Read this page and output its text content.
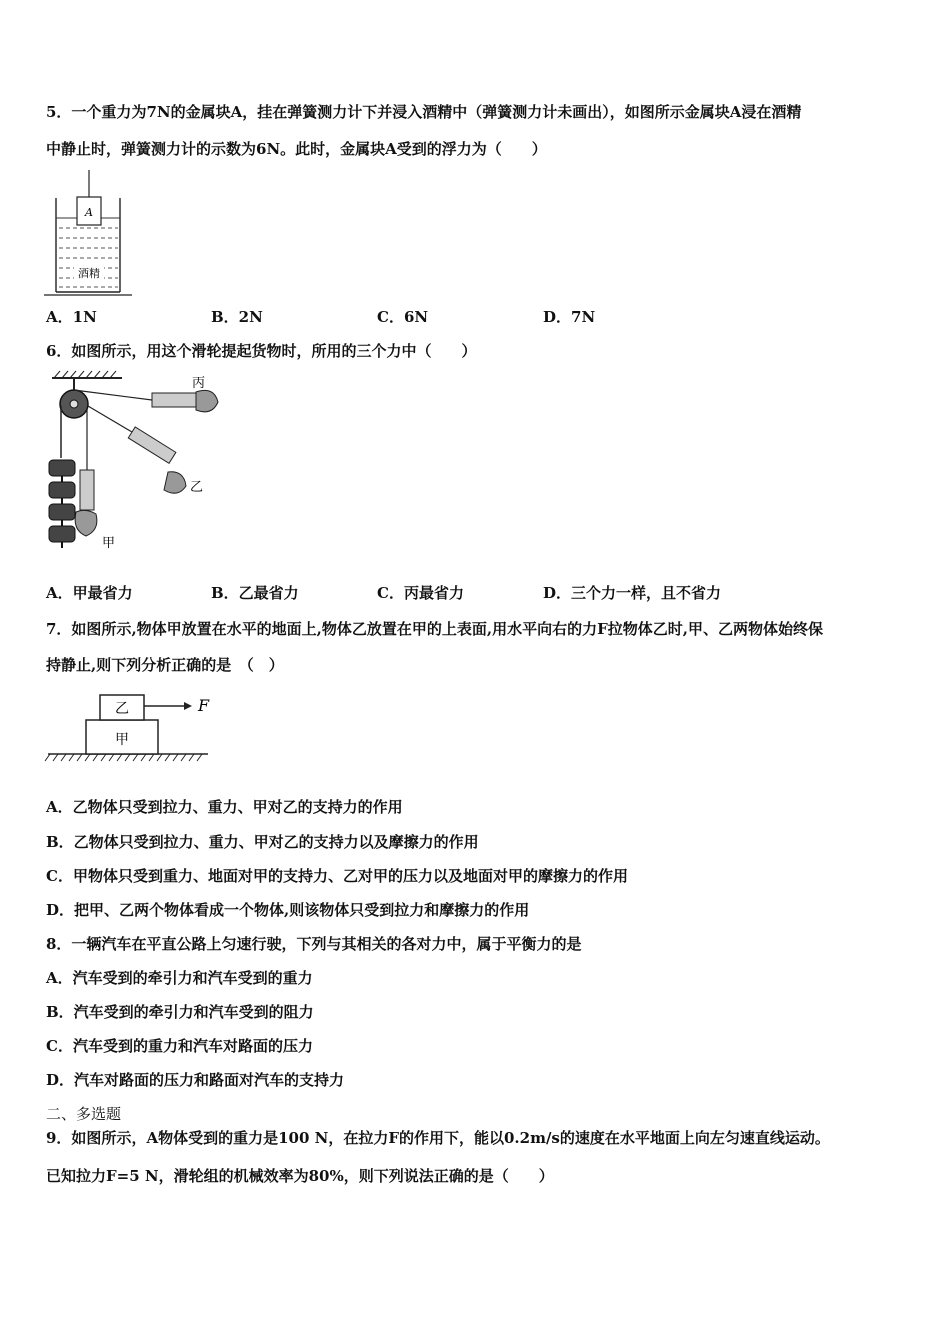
5．一个重力为7N的金属块A，挂在弹簧测力计下并浸入酒精中（弹簧测力计未画出），如图所示金属块A浸在酒精
中静止时，弹簧测力计的示数为6N。此时，金属块A受到的浮力为（　　）
A
酒精
A．1N	B．2N	C．6N	D．7N
6．如图所示，用这个滑轮提起货物时，所用的三个力中（　　）
丙
乙
甲
A．甲最省力	B．乙最省力	C．丙最省力	D．三个力一样，且不省力
7．如图所示,物体甲放置在水平的地面上,物体乙放置在甲的上表面,用水平向右的力F拉物体乙时,甲、乙两物体始终保
持静止,则下列分析正确的是　（　）
甲
乙	F
A．乙物体只受到拉力、重力、甲对乙的支持力的作用
B．乙物体只受到拉力、重力、甲对乙的支持力以及摩擦力的作用
C．甲物体只受到重力、地面对甲的支持力、乙对甲的压力以及地面对甲的摩擦力的作用
D．把甲、乙两个物体看成一个物体,则该物体只受到拉力和摩擦力的作用
8．一辆汽车在平直公路上匀速行驶，下列与其相关的各对力中，属于平衡力的是
A．汽车受到的牵引力和汽车受到的重力
B．汽车受到的牵引力和汽车受到的阻力
C．汽车受到的重力和汽车对路面的压力
D．汽车对路面的压力和路面对汽车的支持力
二、多选题
9．如图所示，A物体受到的重力是100 N，在拉力F的作用下，能以0.2m/s的速度在水平地面上向左匀速直线运动。
已知拉力F=5 N，滑轮组的机械效率为80%，则下列说法正确的是（　　）
